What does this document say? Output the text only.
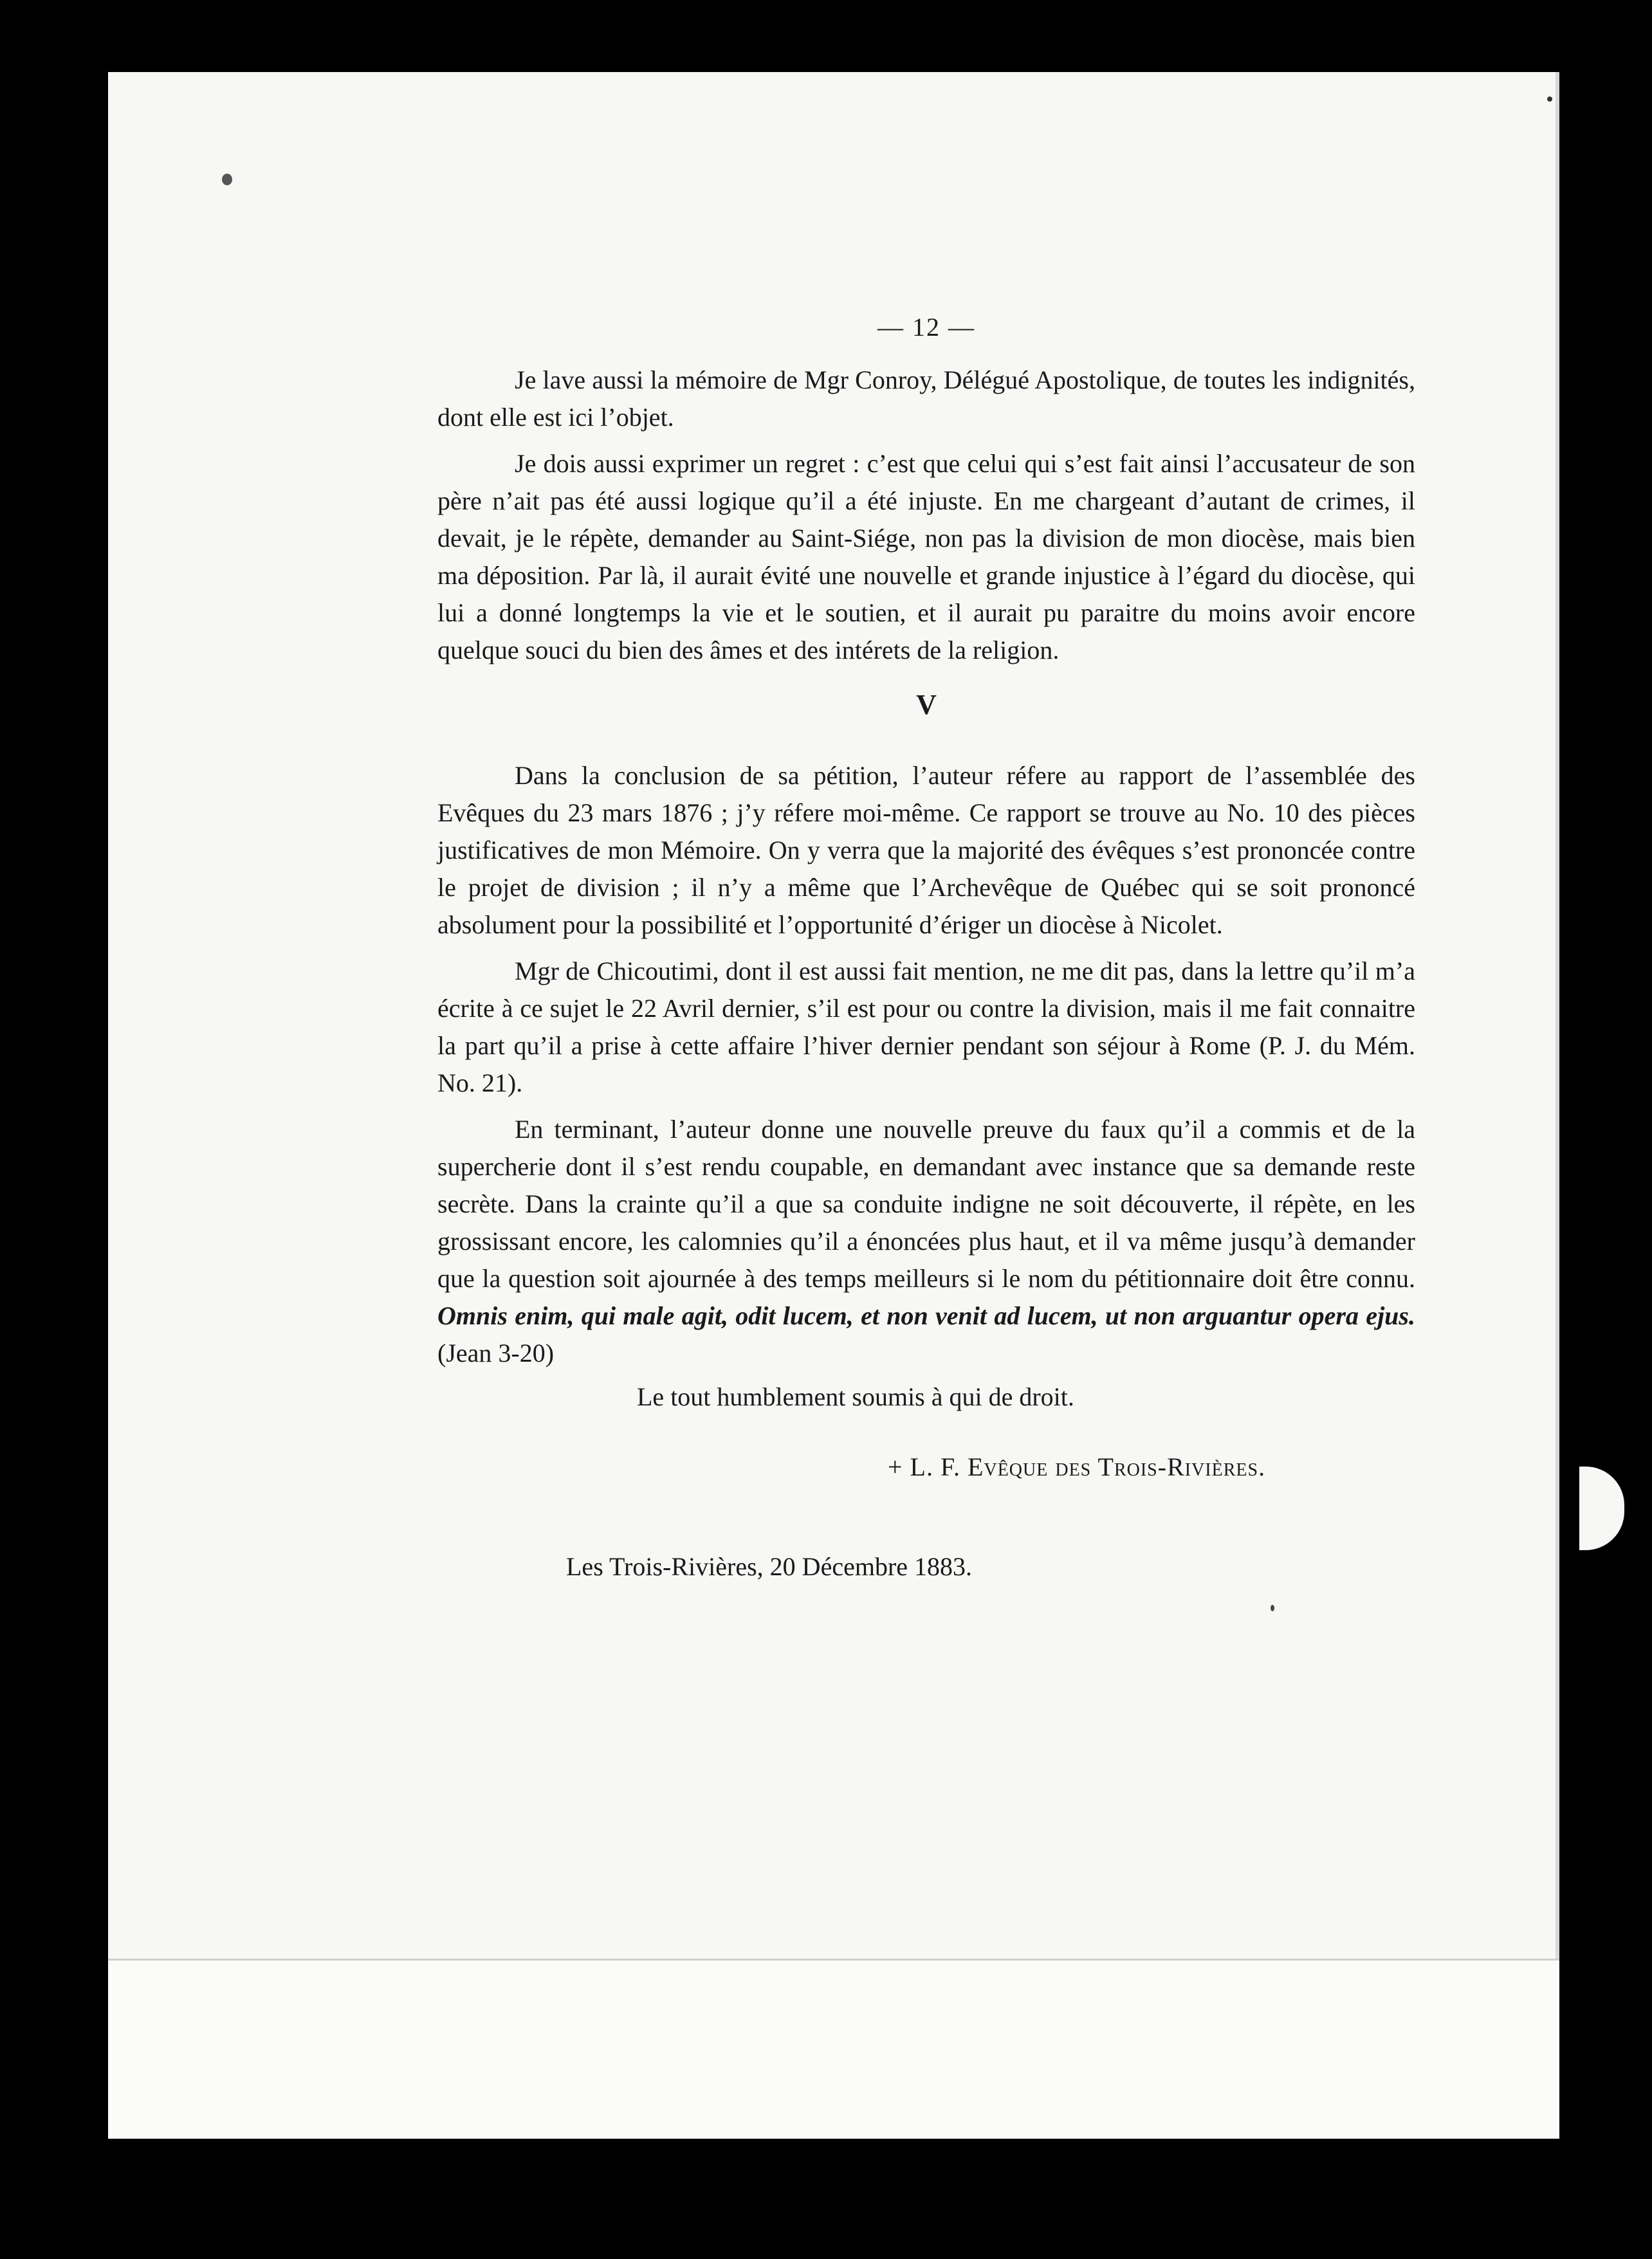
— 12 —

Je lave aussi la mémoire de Mgr Conroy, Délégué Apostolique, de toutes les indignités, dont elle est ici l’objet.

Je dois aussi exprimer un regret : c’est que celui qui s’est fait ainsi l’accusateur de son père n’ait pas été aussi logique qu’il a été injuste. En me chargeant d’autant de crimes, il devait, je le répète, demander au Saint-Siége, non pas la division de mon diocèse, mais bien ma déposition. Par là, il aurait évité une nouvelle et grande injustice à l’égard du diocèse, qui lui a donné longtemps la vie et le soutien, et il aurait pu paraitre du moins avoir encore quelque souci du bien des âmes et des intérets de la religion.

V

Dans la conclusion de sa pétition, l’auteur réfere au rapport de l’assemblée des Evêques du 23 mars 1876 ; j’y réfere moi-même. Ce rapport se trouve au No. 10 des pièces justificatives de mon Mémoire. On y verra que la majorité des évêques s’est prononcée contre le projet de division ; il n’y a même que l’Archevêque de Québec qui se soit prononcé absolument pour la possibilité et l’opportunité d’ériger un diocèse à Nicolet.

Mgr de Chicoutimi, dont il est aussi fait mention, ne me dit pas, dans la lettre qu’il m’a écrite à ce sujet le 22 Avril dernier, s’il est pour ou contre la division, mais il me fait connaitre la part qu’il a prise à cette affaire l’hiver dernier pendant son séjour à Rome (P. J. du Mém. No. 21).

En terminant, l’auteur donne une nouvelle preuve du faux qu’il a commis et de la supercherie dont il s’est rendu coupable, en demandant avec instance que sa demande reste secrète. Dans la crainte qu’il a que sa conduite indigne ne soit découverte, il répète, en les grossissant encore, les calomnies qu’il a énoncées plus haut, et il va même jusqu’à demander que la question soit ajournée à des temps meilleurs si le nom du pétitionnaire doit être connu. Omnis enim, qui male agit, odit lucem, et non venit ad lucem, ut non arguantur opera ejus. (Jean 3-20)

Le tout humblement soumis à qui de droit.

+ L. F. Evêque des Trois-Rivières.
Les Trois-Rivières, 20 Décembre 1883.
